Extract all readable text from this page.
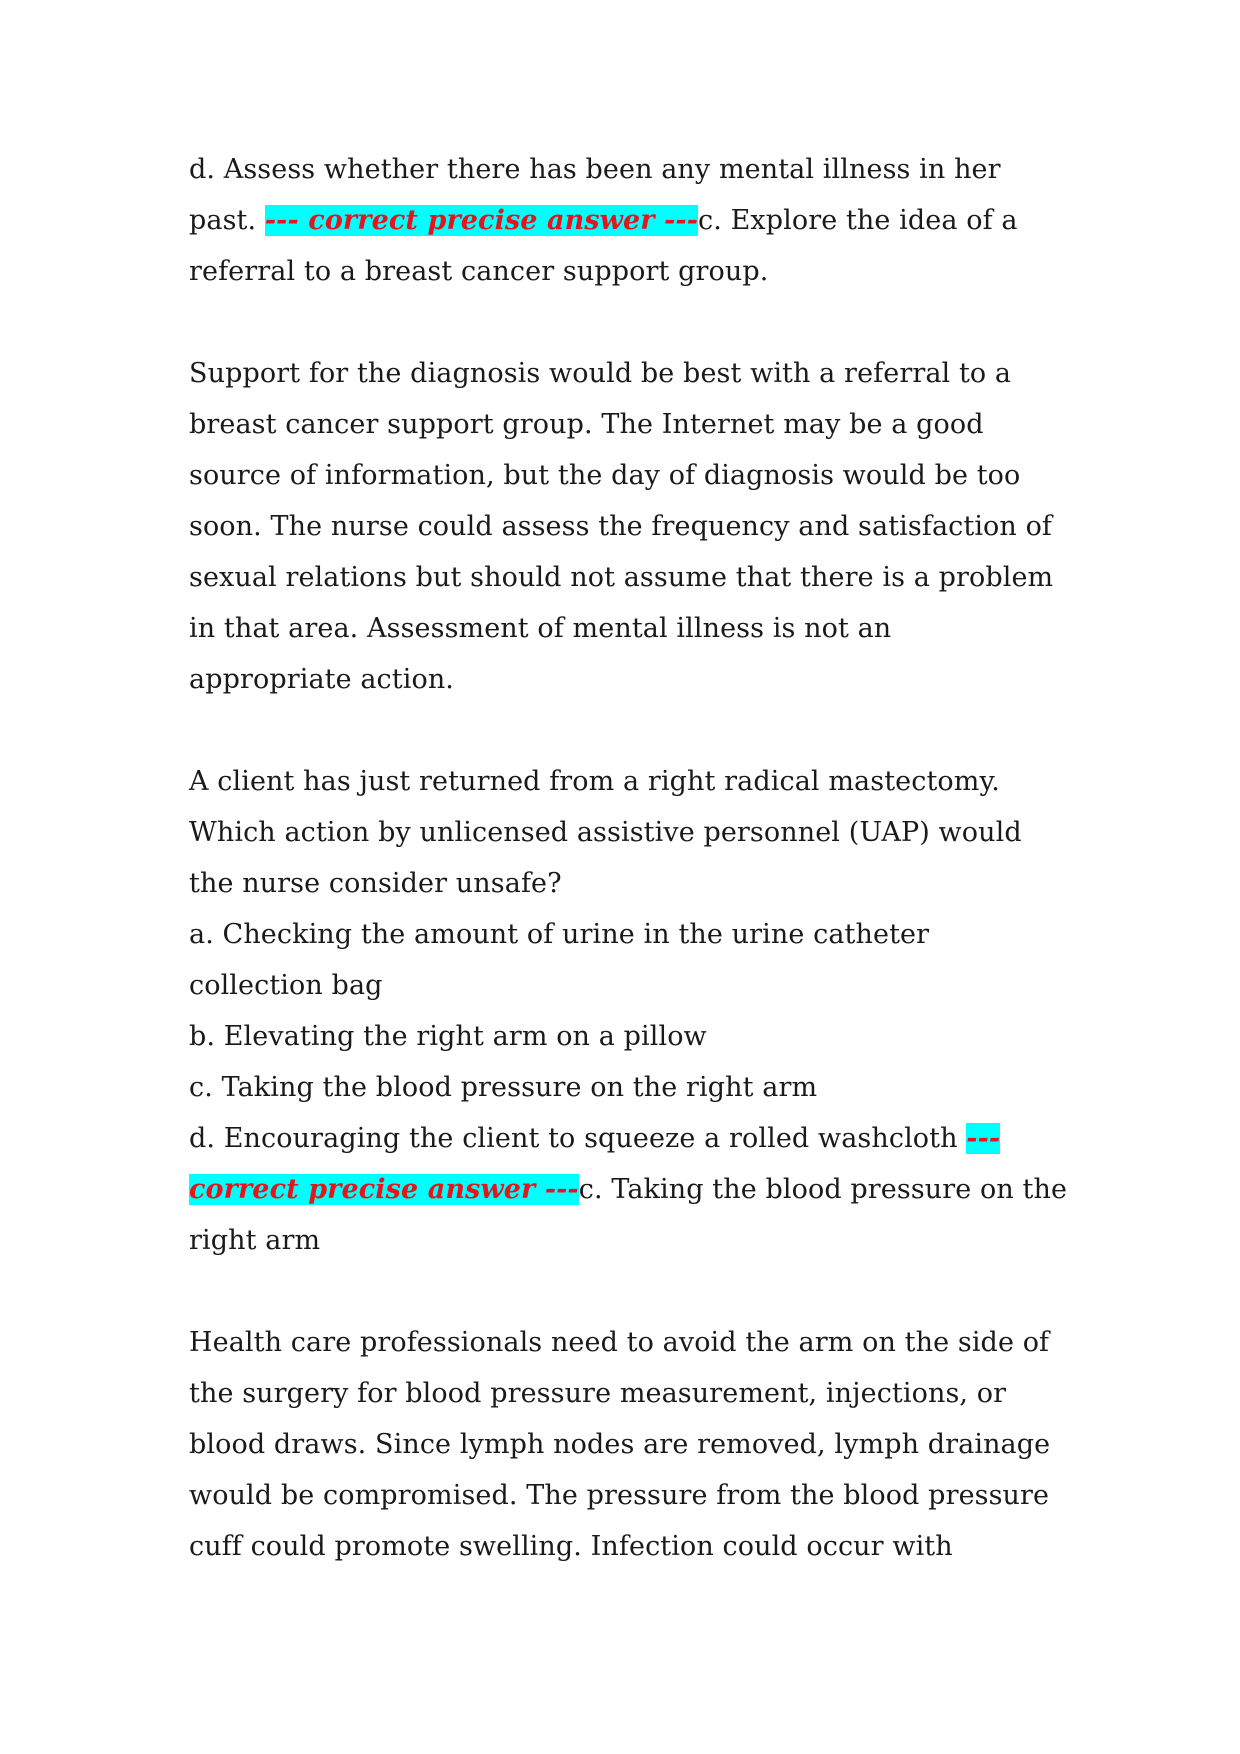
d. Assess whether there has been any mental illness in her

past. --- correct precise answer ---c. Explore the idea of a

referral to a breast cancer support group.

Support for the diagnosis would be best with a referral to a

breast cancer support group. The Internet may be a good

source of information, but the day of diagnosis would be too

soon. The nurse could assess the frequency and satisfaction of

sexual relations but should not assume that there is a problem

in that area. Assessment of mental illness is not an

appropriate action.

A client has just returned from a right radical mastectomy.

Which action by unlicensed assistive personnel (UAP) would

the nurse consider unsafe?

a. Checking the amount of urine in the urine catheter

collection bag

b. Elevating the right arm on a pillow

c. Taking the blood pressure on the right arm

d. Encouraging the client to squeeze a rolled washcloth ---

correct precise answer ---c. Taking the blood pressure on the

right arm

Health care professionals need to avoid the arm on the side of

the surgery for blood pressure measurement, injections, or

blood draws. Since lymph nodes are removed, lymph drainage

would be compromised. The pressure from the blood pressure

cuff could promote swelling. Infection could occur with
